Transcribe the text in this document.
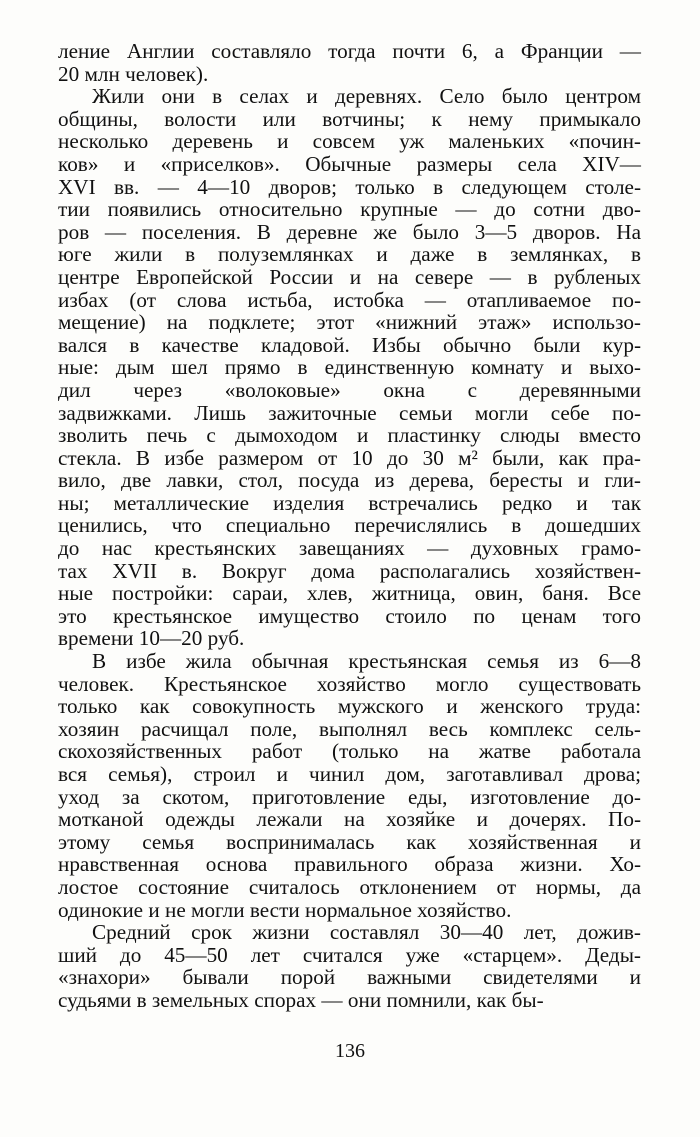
ление Англии составляло тогда почти 6, а Франции —
20 млн человек).
Жили они в селах и деревнях. Село было центром
общины, волости или вотчины; к нему примыкало
несколько деревень и совсем уж маленьких «почин-
ков» и «приселков». Обычные размеры села XIV—
XVI вв. — 4—10 дворов; только в следующем столе-
тии появились относительно крупные — до сотни дво-
ров — поселения. В деревне же было 3—5 дворов. На
юге жили в полуземлянках и даже в землянках, в
центре Европейской России и на севере — в рубленых
избах (от слова истьба, истобка — отапливаемое по-
мещение) на подклете; этот «нижний этаж» использо-
вался в качестве кладовой. Избы обычно были кур-
ные: дым шел прямо в единственную комнату и выхо-
дил через «волоковые» окна с деревянными
задвижками. Лишь зажиточные семьи могли себе по-
зволить печь с дымоходом и пластинку слюды вместо
стекла. В избе размером от 10 до 30 м² были, как пра-
вило, две лавки, стол, посуда из дерева, бересты и гли-
ны; металлические изделия встречались редко и так
ценились, что специально перечислялись в дошедших
до нас крестьянских завещаниях — духовных грамо-
тах XVII в. Вокруг дома располагались хозяйствен-
ные постройки: сараи, хлев, житница, овин, баня. Все
это крестьянское имущество стоило по ценам того
времени 10—20 руб.
В избе жила обычная крестьянская семья из 6—8
человек. Крестьянское хозяйство могло существовать
только как совокупность мужского и женского труда:
хозяин расчищал поле, выполнял весь комплекс сель-
скохозяйственных работ (только на жатве работала
вся семья), строил и чинил дом, заготавливал дрова;
уход за скотом, приготовление еды, изготовление до-
мотканой одежды лежали на хозяйке и дочерях. По-
этому семья воспринималась как хозяйственная и
нравственная основа правильного образа жизни. Хо-
лостое состояние считалось отклонением от нормы, да
одинокие и не могли вести нормальное хозяйство.
Средний срок жизни составлял 30—40 лет, дожив-
ший до 45—50 лет считался уже «старцем». Деды-
«знахори» бывали порой важными свидетелями и
судьями в земельных спорах — они помнили, как бы-
136
